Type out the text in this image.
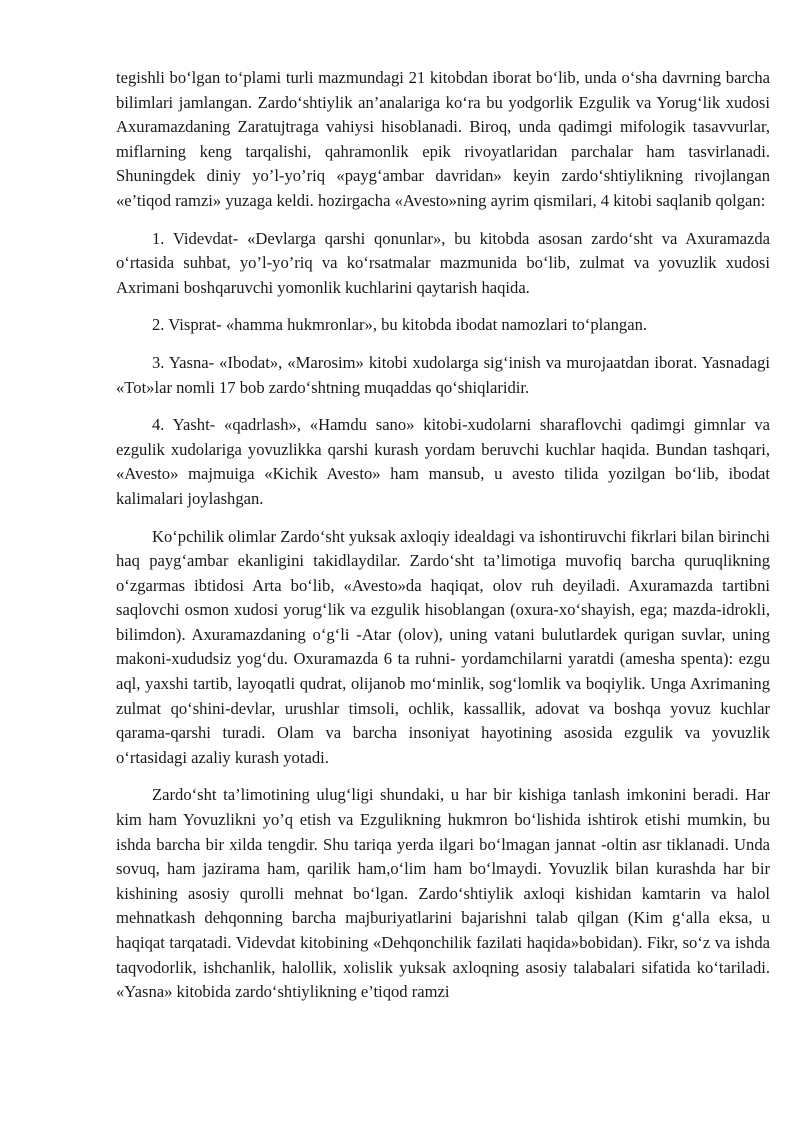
tegishli bo‘lgan to‘plami turli mazmundagi 21 kitobdan iborat bo‘lib, unda o‘sha davrning barcha bilimlari jamlangan. Zardo‘shtiylik an’analariga ko‘ra bu yodgorlik Ezgulik va Yorug‘lik xudosi Axuramazdaning Zaratujtraga vahiysi hisoblanadi. Biroq, unda qadimgi mifologik tasavvurlar, miflarning keng tarqalishi, qahramonlik epik rivoyatlaridan parchalar ham tasvirlanadi. Shuningdek diniy yo’l-yo’riq «payg‘ambar davridan» keyin zardo‘shtiylikning rivojlangan «e’tiqod ramzi» yuzaga keldi. hozirgacha «Avesto»ning ayrim qismilari, 4 kitobi saqlanib qolgan:

1. Videvdat- «Devlarga qarshi qonunlar», bu kitobda asosan zardo‘sht va Axuramazda o‘rtasida suhbat, yo’l-yo’riq va ko‘rsatmalar mazmunida bo‘lib, zulmat va yovuzlik xudosi Axrimani boshqaruvchi yomonlik kuchlarini qaytarish haqida.

2. Visprat- «hamma hukmronlar», bu kitobda ibodat namozlari to‘plangan.

3. Yasna- «Ibodat», «Marosim» kitobi xudolarga sig‘inish va murojaatdan iborat. Yasnadagi «Tot»lar nomli 17 bob zardo‘shtning muqaddas qo‘shiqlaridir.

4. Yasht- «qadrlash», «Hamdu sano» kitobi-xudolarni sharaflovchi qadimgi gimnlar va ezgulik xudolariga yovuzlikka qarshi kurash yordam beruvchi kuchlar haqida. Bundan tashqari, «Avesto» majmuiga «Kichik Avesto» ham mansub, u avesto tilida yozilgan bo‘lib, ibodat kalimalari joylashgan.

Ko‘pchilik olimlar Zardo‘sht yuksak axloqiy idealdagi va ishontiruvchi fikrlari bilan birinchi haq payg‘ambar ekanligini takidlaydilar. Zardo‘sht ta’limotiga muvofiq barcha quruqlikning o‘zgarmas ibtidosi Arta bo‘lib, «Avesto»da haqiqat, olov ruh deyiladi. Axuramazda tartibni saqlovchi osmon xudosi yorug‘lik va ezgulik hisoblangan (oxura-xo‘shayish, ega; mazda-idrokli, bilimdon). Axuramazdaning o‘g‘li -Atar (olov), uning vatani bulutlardek qurigan suvlar, uning makoni-xududsiz yog‘du. Oxuramazda 6 ta ruhni- yordamchilarni yaratdi (amesha spenta): ezgu aql, yaxshi tartib, layoqatli qudrat, olijanob mo‘minlik, sog‘lomlik va boqiylik. Unga Axrimaning zulmat qo‘shini-devlar, urushlar timsoli, ochlik, kassallik, adovat va boshqa yovuz kuchlar qarama-qarshi turadi. Olam va barcha insoniyat hayotining asosida ezgulik va yovuzlik o‘rtasidagi azaliy kurash yotadi.

Zardo‘sht ta’limotining ulug‘ligi shundaki, u har bir kishiga tanlash imkonini beradi. Har kim ham Yovuzlikni yo’q etish va Ezgulikning hukmron bo‘lishida ishtirok etishi mumkin, bu ishda barcha bir xilda tengdir. Shu tariqa yerda ilgari bo‘lmagan jannat -oltin asr tiklanadi. Unda sovuq, ham jazirama ham, qarilik ham,o‘lim ham bo‘lmaydi. Yovuzlik bilan kurashda har bir kishining asosiy qurolli mehnat bo‘lgan. Zardo‘shtiylik axloqi kishidan kamtarin va halol mehnatkash dehqonning barcha majburiyatlarini bajarishni talab qilgan (Kim g‘alla eksa, u haqiqat tarqatadi. Videvdat kitobining «Dehqonchilik fazilati haqida»bobidan). Fikr, so‘z va ishda taqvodorlik, ishchanlik, halollik, xolislik yuksak axloqning asosiy talabalari sifatida ko‘tariladi. «Yasna» kitobida zardo‘shtiylikning e’tiqod ramzi
